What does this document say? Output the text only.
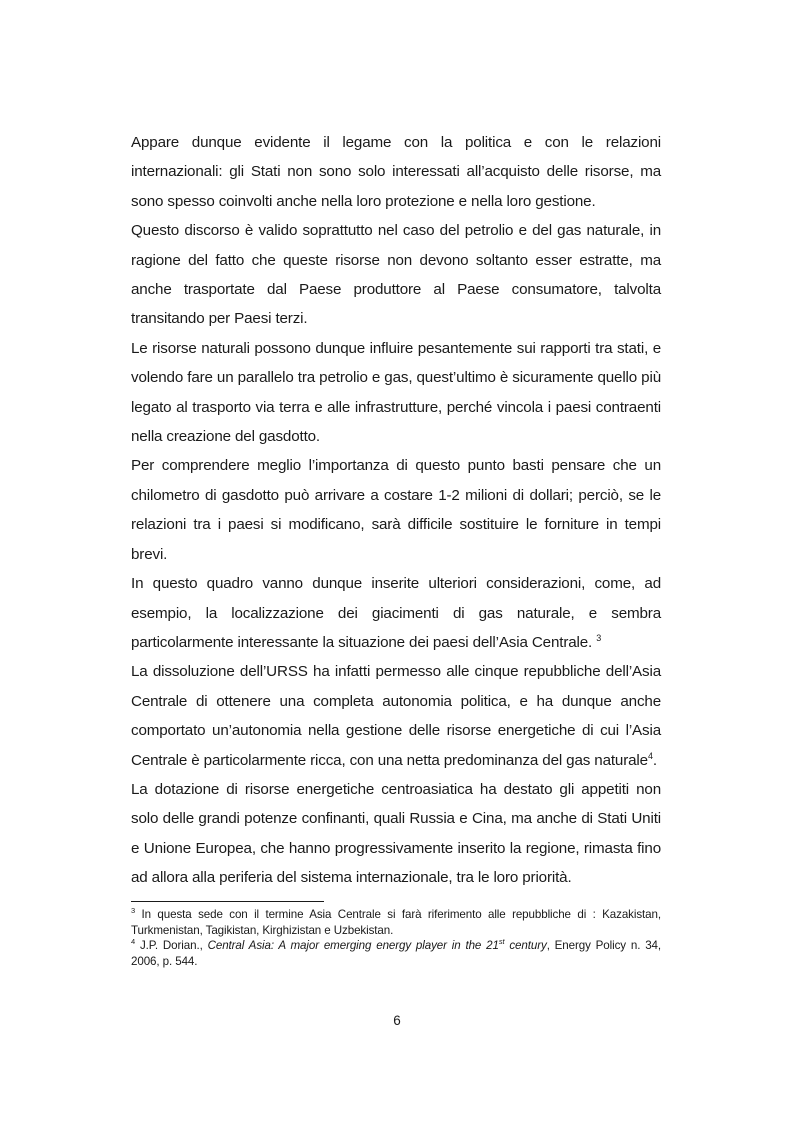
Appare dunque evidente il legame con la politica e con le relazioni internazionali: gli Stati non sono solo interessati all’acquisto delle risorse, ma sono spesso coinvolti anche nella loro protezione e nella loro gestione.

Questo discorso è valido soprattutto nel caso del petrolio e del gas naturale, in ragione del fatto che queste risorse non devono soltanto esser estratte, ma anche trasportate dal Paese produttore al Paese consumatore, talvolta transitando per Paesi terzi.

Le risorse naturali possono dunque influire pesantemente sui rapporti tra stati, e volendo fare un parallelo tra petrolio e gas, quest’ultimo è sicuramente quello più legato al trasporto via terra e alle infrastrutture, perché vincola i paesi contraenti nella creazione del gasdotto.

Per comprendere meglio l’importanza di questo punto basti pensare che un chilometro di gasdotto può arrivare a costare 1-2 milioni di dollari; perciò, se le relazioni tra i paesi si modificano, sarà difficile sostituire le forniture in tempi brevi.

In questo quadro vanno dunque inserite ulteriori considerazioni, come, ad esempio, la localizzazione dei giacimenti di gas naturale, e sembra particolarmente interessante la situazione dei paesi dell’Asia Centrale. $^3$

La dissoluzione dell’URSS ha infatti permesso alle cinque repubbliche dell’Asia Centrale di ottenere una completa autonomia politica, e ha dunque anche comportato un’autonomia nella gestione delle risorse energetiche di cui l’Asia Centrale è particolarmente ricca, con una netta predominanza del gas naturale$^4$.

La dotazione di risorse energetiche centroasiatica ha destato gli appetiti non solo delle grandi potenze confinanti, quali Russia e Cina, ma anche di Stati Uniti e Unione Europea, che hanno progressivamente inserito la regione, rimasta fino ad allora alla periferia del sistema internazionale, tra le loro priorità.

$^3$ In questa sede con il termine Asia Centrale si farà riferimento alle repubbliche di : Kazakistan, Turkmenistan, Tagikistan, Kirghizistan e Uzbekistan.

$^4$ J.P. Dorian., Central Asia: A major emerging energy player in the 21st century, Energy Policy n. 34, 2006, p. 544.

6
